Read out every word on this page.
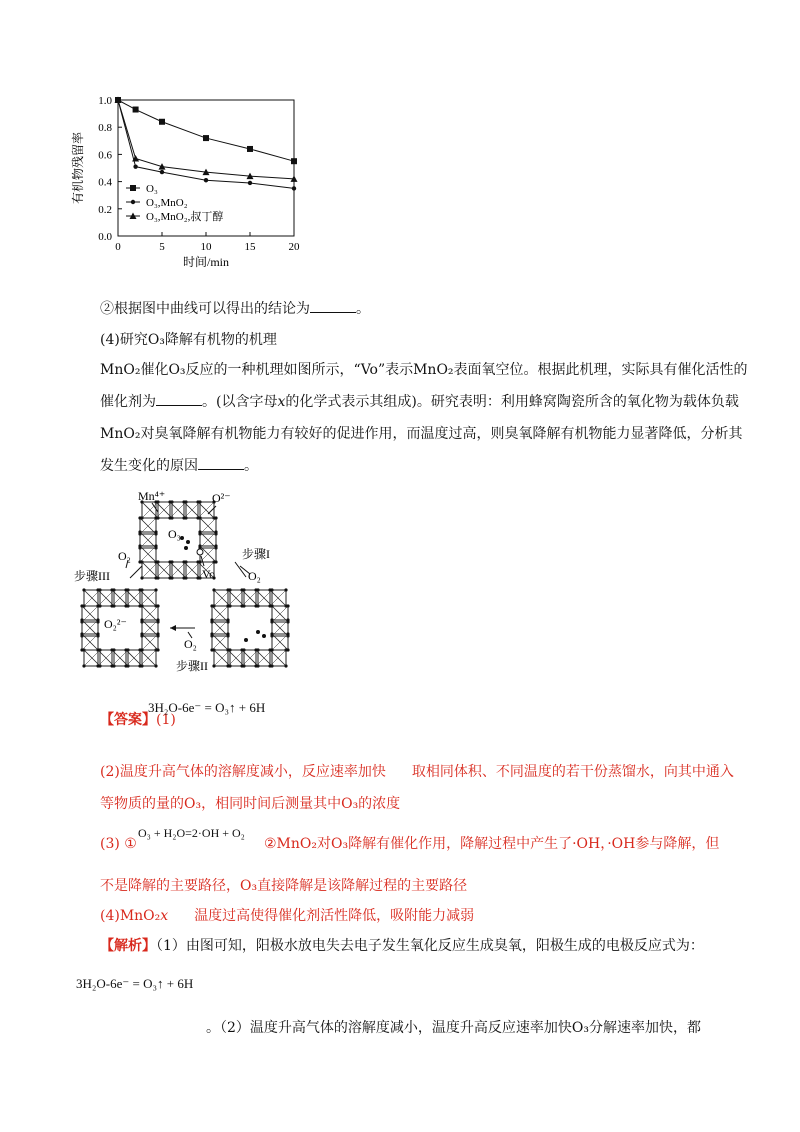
0.0
0.2
0.4
0.6
0.8
1.0
0	5	10	15	20
时间/min
有机物残留率	O₃
O₃,MnO₂
O₃,MnO₂,叔丁醇
②根据图中曲线可以得出的结论为	。
(4)研究O₃降解有机物的机理
MnO₂催化O₃反应的一种机理如图所示，“Vo”表示MnO₂表面氧空位。根据此机理，实际具有催化活性的
催化剂为	。(以含字母x的化学式表示其组成)。研究表明：利用蜂窝陶瓷所含的氧化物为载体负载
MnO₂对臭氧降解有机物能力有较好的促进作用，而温度过高，则臭氧降解有机物能力显著降低，分析其
发生变化的原因	。
Mn⁴⁺	O²⁻
O₃
Vo
步骤I
O₂
O₂
步骤III
O₂²⁻
O₂
步骤II
【答案】(1)
3H₂O-6e⁻ = O₃↑ + 6H
(2)温度升高气体的溶解度减小，反应速率加快 取相同体积、不同温度的若干份蒸馏水，向其中通入
等物质的量的O₃，相同时间后测量其中O₃的浓度
(3) ①
O₃ + H₂O=2·OH + O₂
②MnO₂对O₃降解有催化作用，降解过程中产生了·OH，·OH参与降解，但
不是降解的主要路径，O₃直接降解是该降解过程的主要路径
(4)MnO₂x 温度过高使得催化剂活性降低，吸附能力减弱
【解析】（1）由图可知，阳极水放电失去电子发生氧化反应生成臭氧，阳极生成的电极反应式为：
3H₂O-6e⁻ = O₃↑ + 6H
。（2）温度升高气体的溶解度减小，温度升高反应速率加快O₃分解速率加快，都
